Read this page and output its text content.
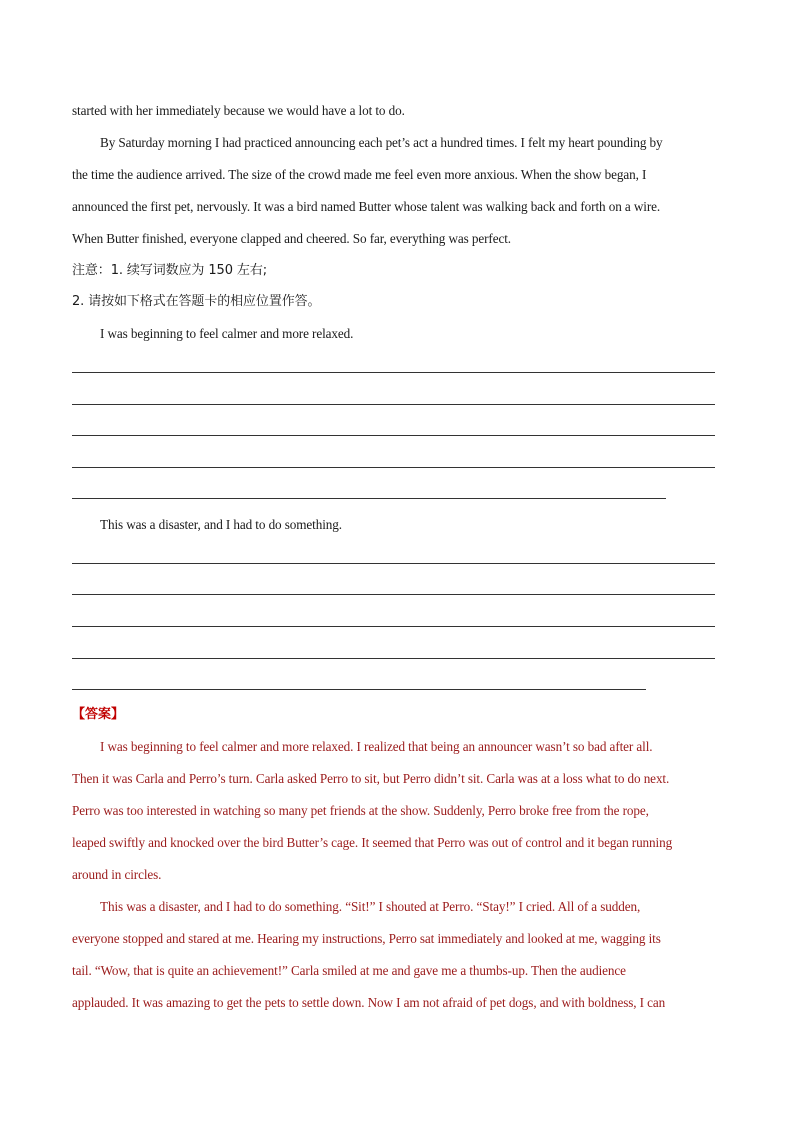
started with her immediately because we would have a lot to do.
By Saturday morning I had practiced announcing each pet’s act a hundred times. I felt my heart pounding by
the time the audience arrived. The size of the crowd made me feel even more anxious. When the show began, I
announced the first pet, nervously. It was a bird named Butter whose talent was walking back and forth on a wire.
When Butter finished, everyone clapped and cheered. So far, everything was perfect.
注意：1. 续写词数应为 150 左右;
2. 请按如下格式在答题卡的相应位置作答。
I was beginning to feel calmer and more relaxed.
This was a disaster, and I had to do something.
【答案】
I was beginning to feel calmer and more relaxed. I realized that being an announcer wasn’t so bad after all.
Then it was Carla and Perro’s turn. Carla asked Perro to sit, but Perro didn’t sit. Carla was at a loss what to do next.
Perro was too interested in watching so many pet friends at the show. Suddenly, Perro broke free from the rope,
leaped swiftly and knocked over the bird Butter’s cage. It seemed that Perro was out of control and it began running
around in circles.
This was a disaster, and I had to do something. “Sit!” I shouted at Perro. “Stay!” I cried. All of a sudden,
everyone stopped and stared at me. Hearing my instructions, Perro sat immediately and looked at me, wagging its
tail. “Wow, that is quite an achievement!” Carla smiled at me and gave me a thumbs-up. Then the audience
applauded. It was amazing to get the pets to settle down. Now I am not afraid of pet dogs, and with boldness, I can
